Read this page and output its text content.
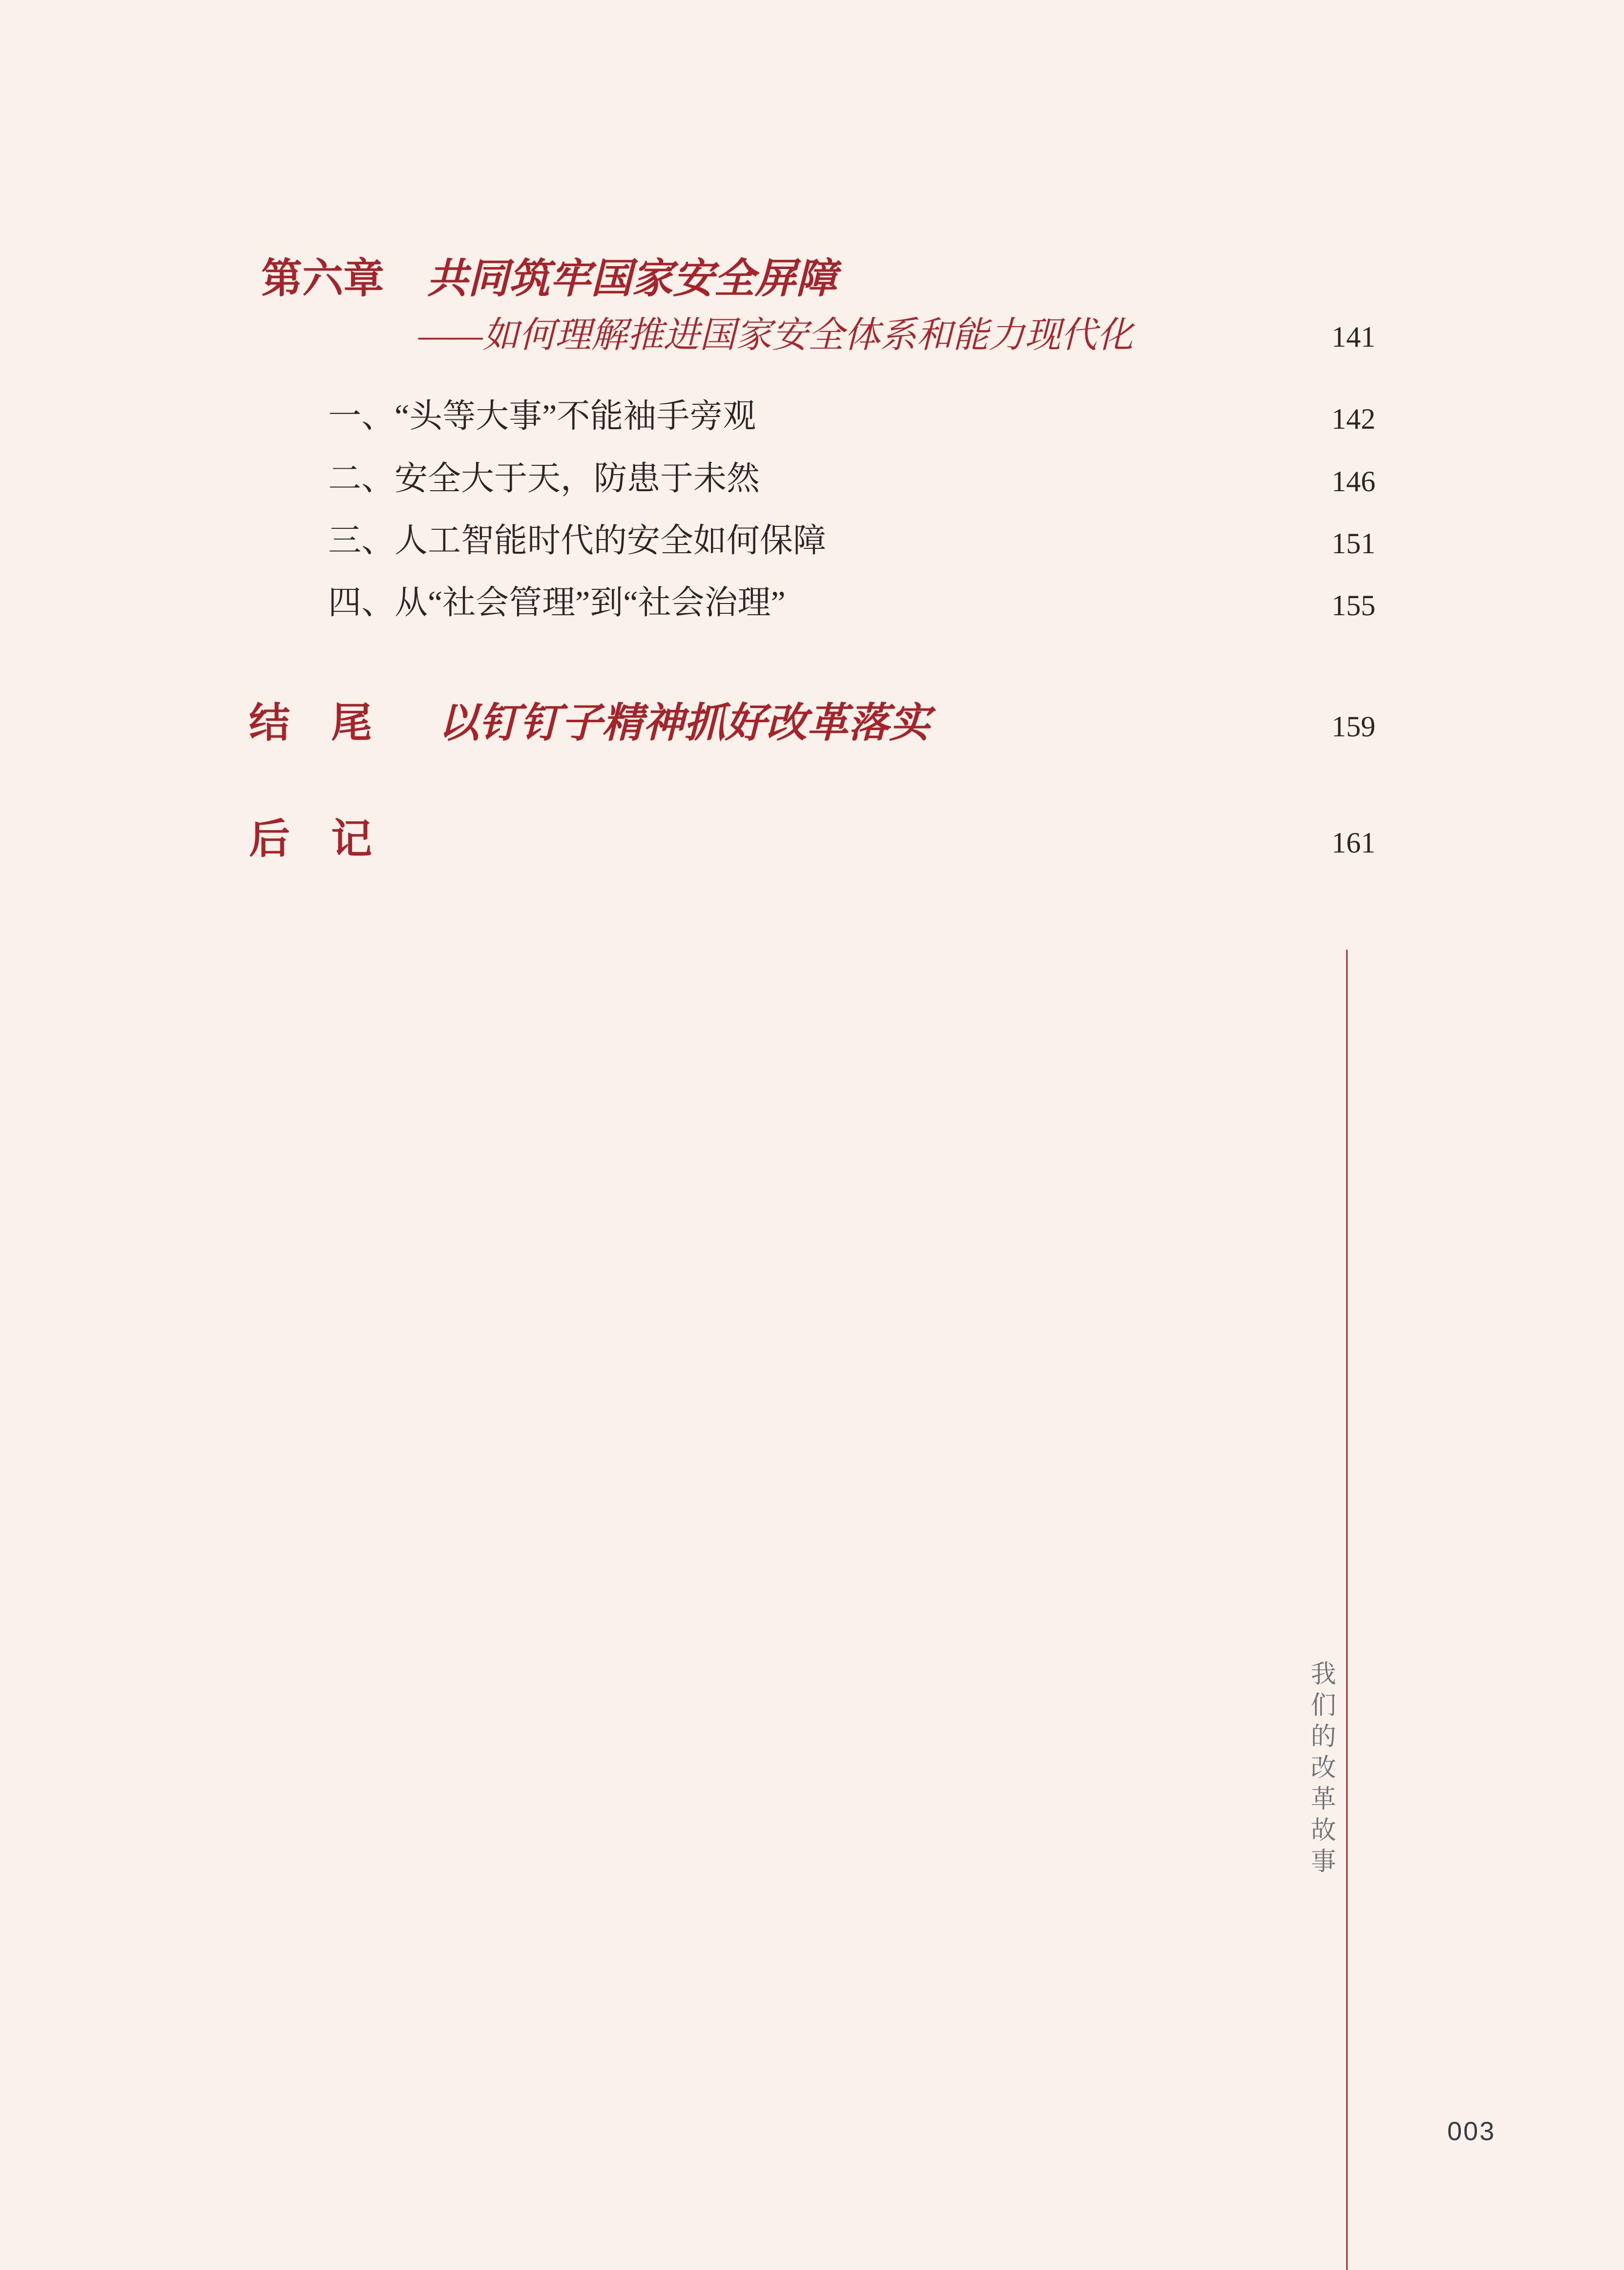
第六章 共同筑牢国家安全屏障
——如何理解推进国家安全体系和能力现代化	141
一、“头等大事”不能袖手旁观	142
二、安全大于天，防患于未然	146
三、人工智能时代的安全如何保障	151
四、从“社会管理”到“社会治理”	155
结　尾 以钉钉子精神抓好改革落实	159
后　记	161
我们的改革故事
003
